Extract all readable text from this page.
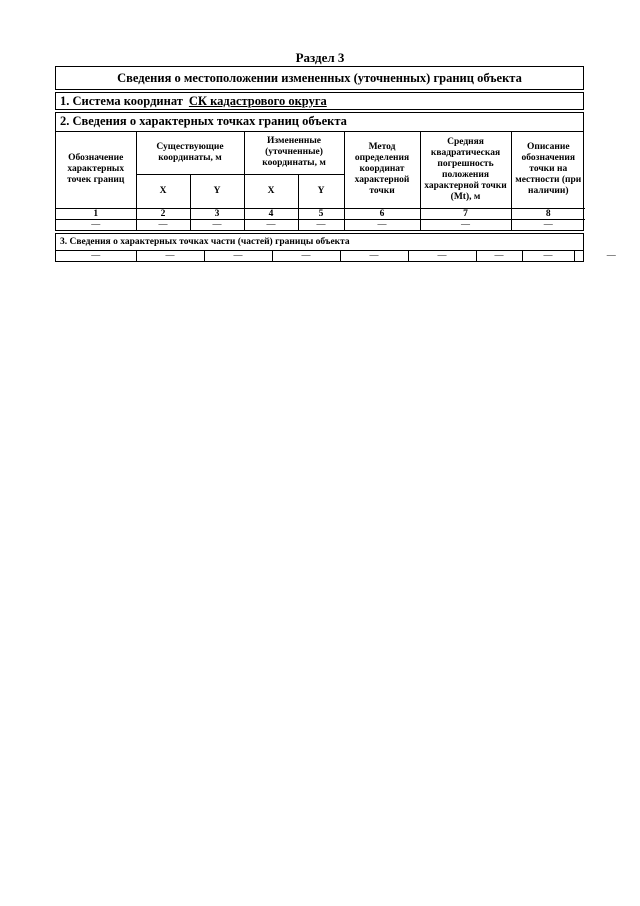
Раздел 3
Сведения о местоположении измененных (уточненных) границ объекта
1. Система координат СК кадастрового округа
2. Сведения о характерных точках границ объекта
Обозначение характерных точек границ	Существующие координаты, м		Измененные (уточненные) координаты, м		Метод определения координат характерной точки	Средняя квадратическая погрешность положения характерной точки (Mt), м	Описание обозначения точки на местности (при наличии)
	X	Y	X	Y			
1	2	3	4	5	6	7	8
—	—	—	—	—	—	—	—
3. Сведения о характерных точках части (частей) границы объекта
—	—	—	—	—	—	—	—	—
